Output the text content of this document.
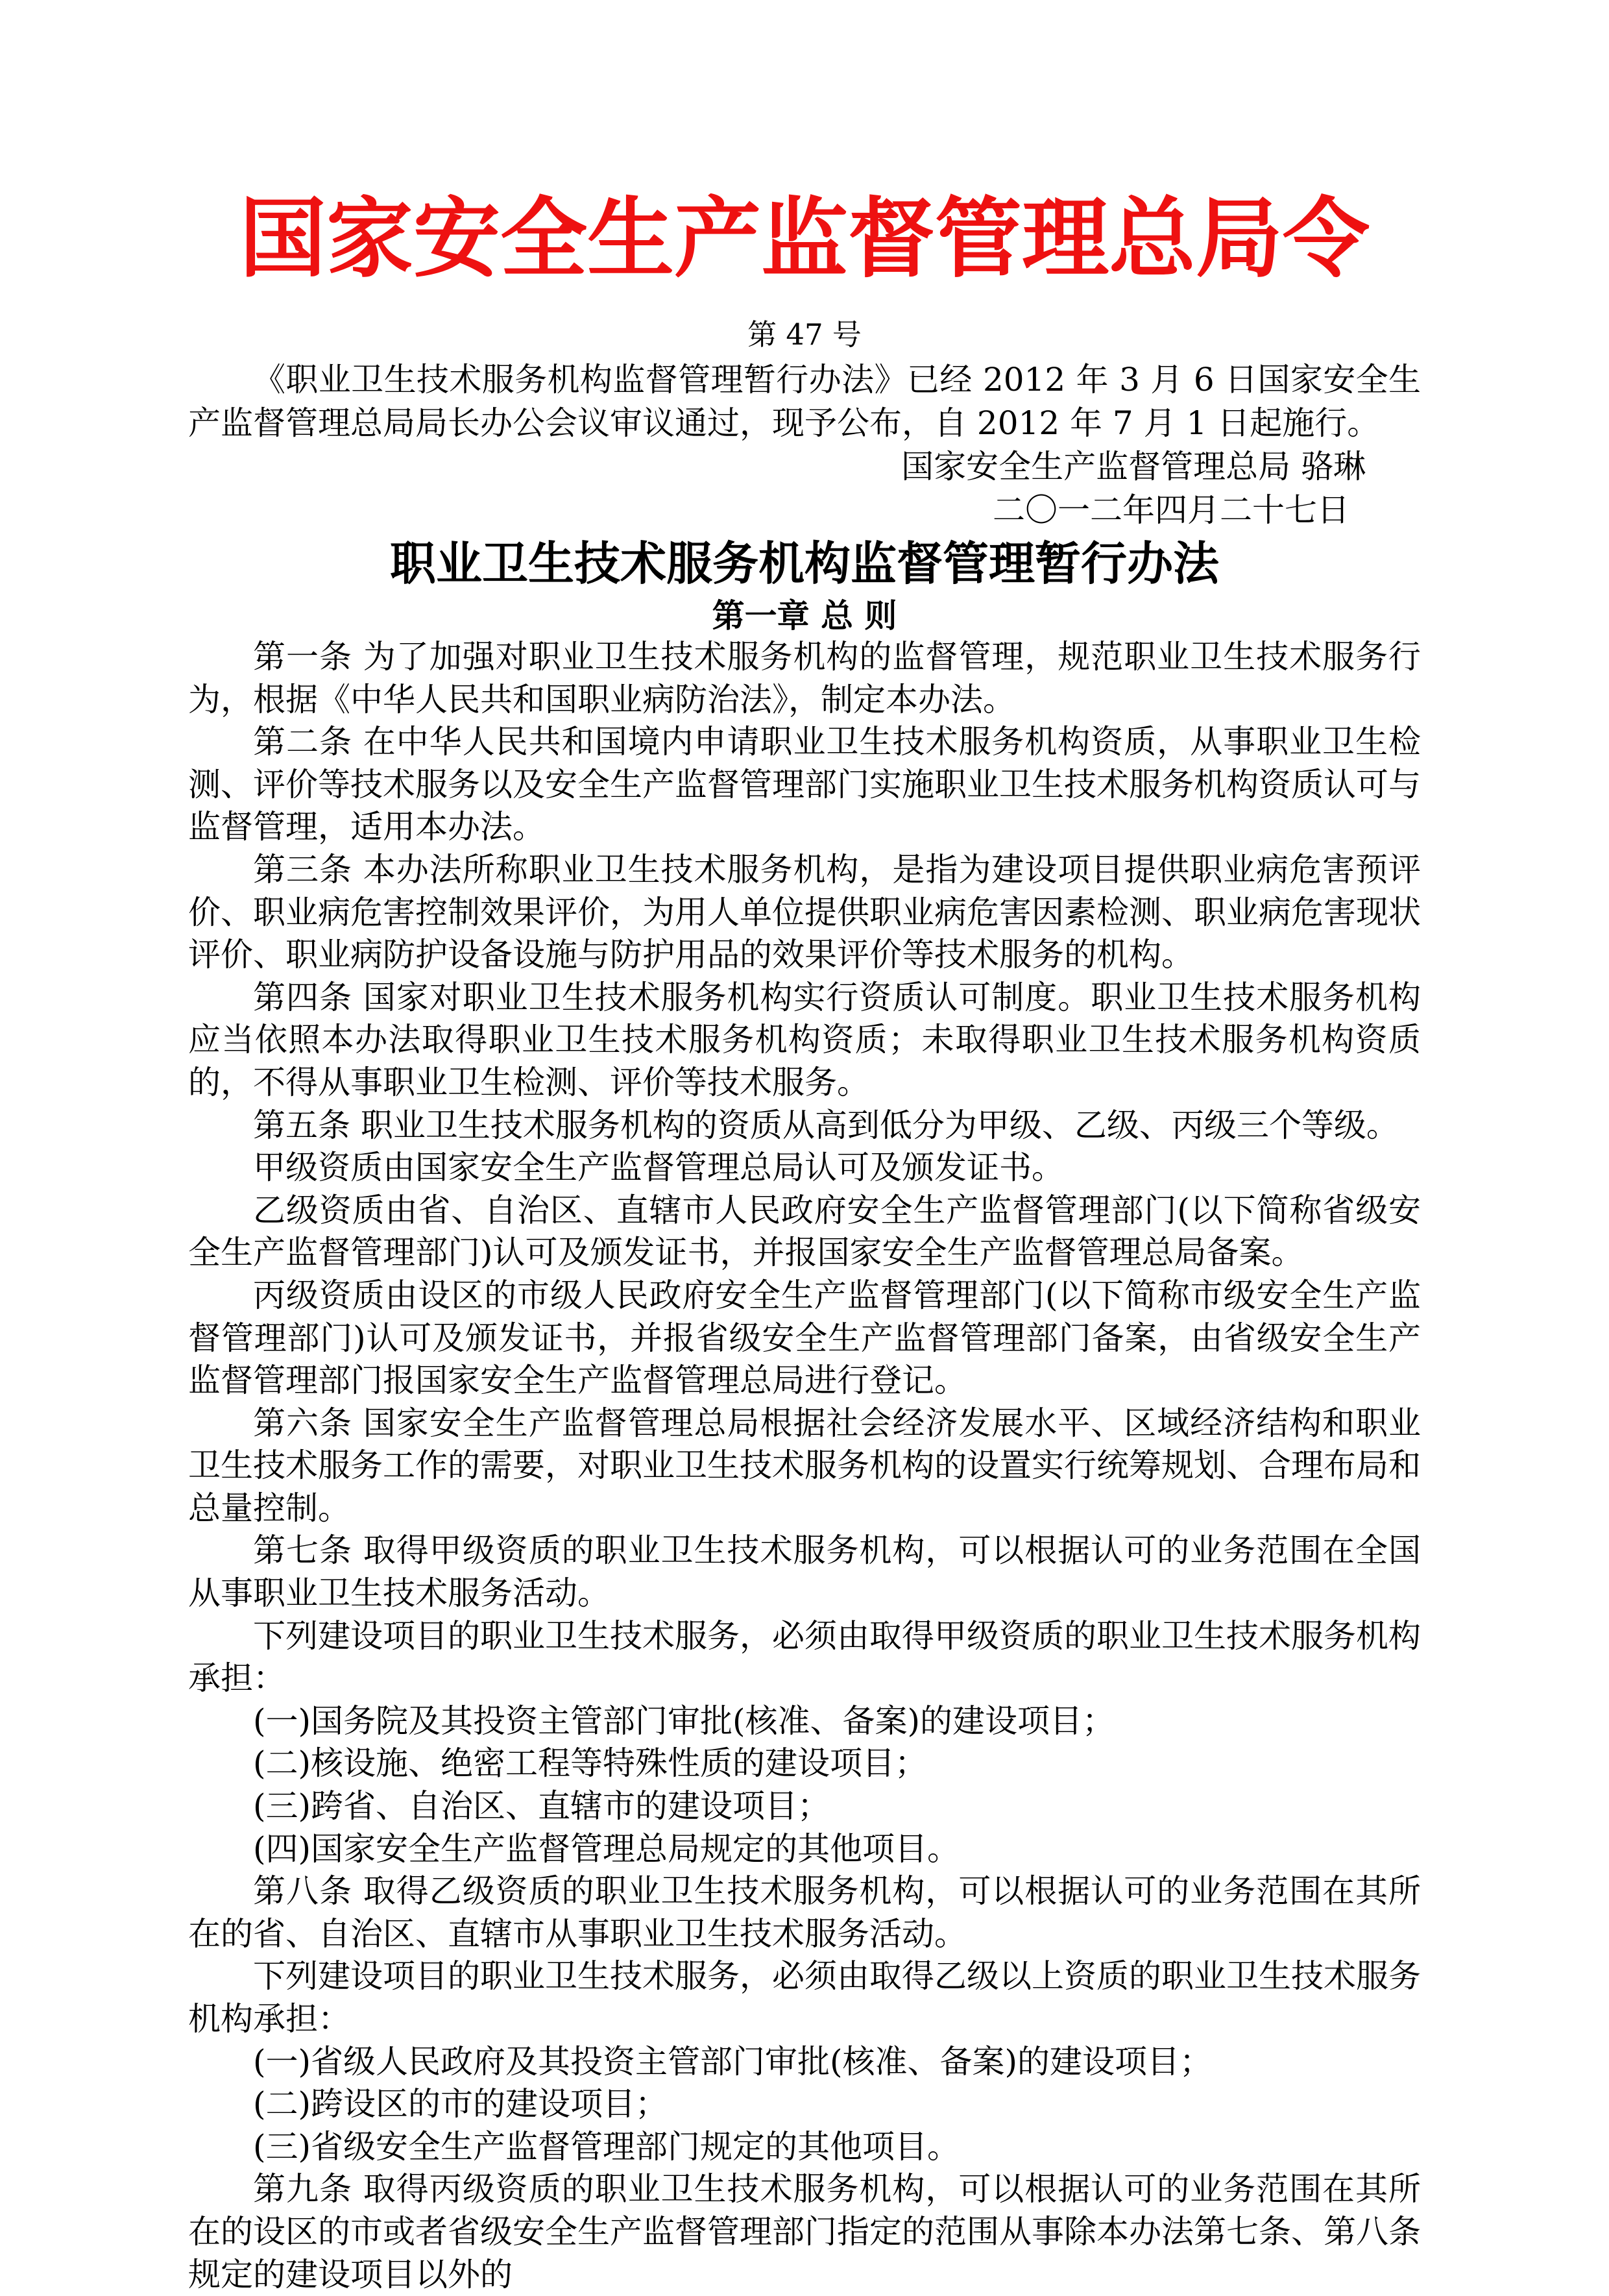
国家安全生产监督管理总局令
第 47 号

《职业卫生技术服务机构监督管理暂行办法》已经 2012 年 3 月 6 日国家安全生产监督管理总局局长办公会议审议通过，现予公布，自 2012 年 7 月 1 日起施行。

国家安全生产监督管理总局 骆琳
二〇一二年四月二十七日
职业卫生技术服务机构监督管理暂行办法
第一章 总 则

第一条 为了加强对职业卫生技术服务机构的监督管理，规范职业卫生技术服务行为，根据《中华人民共和国职业病防治法》，制定本办法。

第二条 在中华人民共和国境内申请职业卫生技术服务机构资质，从事职业卫生检测、评价等技术服务以及安全生产监督管理部门实施职业卫生技术服务机构资质认可与监督管理，适用本办法。

第三条 本办法所称职业卫生技术服务机构，是指为建设项目提供职业病危害预评价、职业病危害控制效果评价，为用人单位提供职业病危害因素检测、职业病危害现状评价、职业病防护设备设施与防护用品的效果评价等技术服务的机构。

第四条 国家对职业卫生技术服务机构实行资质认可制度。职业卫生技术服务机构应当依照本办法取得职业卫生技术服务机构资质；未取得职业卫生技术服务机构资质的，不得从事职业卫生检测、评价等技术服务。

第五条 职业卫生技术服务机构的资质从高到低分为甲级、乙级、丙级三个等级。

甲级资质由国家安全生产监督管理总局认可及颁发证书。

乙级资质由省、自治区、直辖市人民政府安全生产监督管理部门(以下简称省级安全生产监督管理部门)认可及颁发证书，并报国家安全生产监督管理总局备案。

丙级资质由设区的市级人民政府安全生产监督管理部门(以下简称市级安全生产监督管理部门)认可及颁发证书，并报省级安全生产监督管理部门备案，由省级安全生产监督管理部门报国家安全生产监督管理总局进行登记。

第六条 国家安全生产监督管理总局根据社会经济发展水平、区域经济结构和职业卫生技术服务工作的需要，对职业卫生技术服务机构的设置实行统筹规划、合理布局和总量控制。

第七条 取得甲级资质的职业卫生技术服务机构，可以根据认可的业务范围在全国从事职业卫生技术服务活动。

下列建设项目的职业卫生技术服务，必须由取得甲级资质的职业卫生技术服务机构承担：

(一)国务院及其投资主管部门审批(核准、备案)的建设项目；

(二)核设施、绝密工程等特殊性质的建设项目；

(三)跨省、自治区、直辖市的建设项目；

(四)国家安全生产监督管理总局规定的其他项目。

第八条 取得乙级资质的职业卫生技术服务机构，可以根据认可的业务范围在其所在的省、自治区、直辖市从事职业卫生技术服务活动。

下列建设项目的职业卫生技术服务，必须由取得乙级以上资质的职业卫生技术服务机构承担：

(一)省级人民政府及其投资主管部门审批(核准、备案)的建设项目；

(二)跨设区的市的建设项目；

(三)省级安全生产监督管理部门规定的其他项目。

第九条 取得丙级资质的职业卫生技术服务机构，可以根据认可的业务范围在其所在的设区的市或者省级安全生产监督管理部门指定的范围从事除本办法第七条、第八条规定的建设项目以外的
